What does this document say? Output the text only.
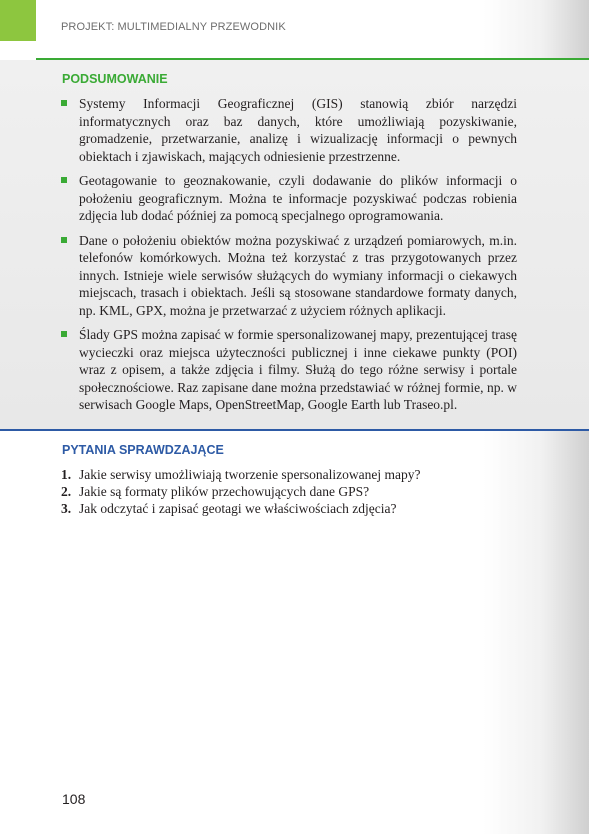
PROJEKT: MULTIMEDIALNY PRZEWODNIK
PODSUMOWANIE
Systemy Informacji Geograficznej (GIS) stanowią zbiór narzędzi informatycznych oraz baz danych, które umożliwiają pozyskiwanie, gromadzenie, przetwarzanie, analizę i wizualizację informacji o pewnych obiektach i zjawiskach, mających odniesienie przestrzenne.
Geotagowanie to geoznakowanie, czyli dodawanie do plików informacji o położeniu geograficznym. Można te informacje pozyskiwać podczas robienia zdjęcia lub dodać później za pomocą specjalnego oprogramowania.
Dane o położeniu obiektów można pozyskiwać z urządzeń pomiarowych, m.in. telefonów komórkowych. Można też korzystać z tras przygotowanych przez innych. Istnieje wiele serwisów służących do wymiany informacji o ciekawych miejscach, trasach i obiektach. Jeśli są stosowane standardowe formaty danych, np. KML, GPX, można je przetwarzać z użyciem różnych aplikacji.
Ślady GPS można zapisać w formie spersonalizowanej mapy, prezentującej trasę wycieczki oraz miejsca użyteczności publicznej i inne ciekawe punkty (POI) wraz z opisem, a także zdjęcia i filmy. Służą do tego różne serwisy i portale społecznościowe. Raz zapisane dane można przedstawiać w różnej formie, np. w serwisach Google Maps, OpenStreetMap, Google Earth lub Traseo.pl.
PYTANIA SPRAWDZAJĄCE
1. Jakie serwisy umożliwiają tworzenie spersonalizowanej mapy?
2. Jakie są formaty plików przechowujących dane GPS?
3. Jak odczytać i zapisać geotagi we właściwościach zdjęcia?
108
